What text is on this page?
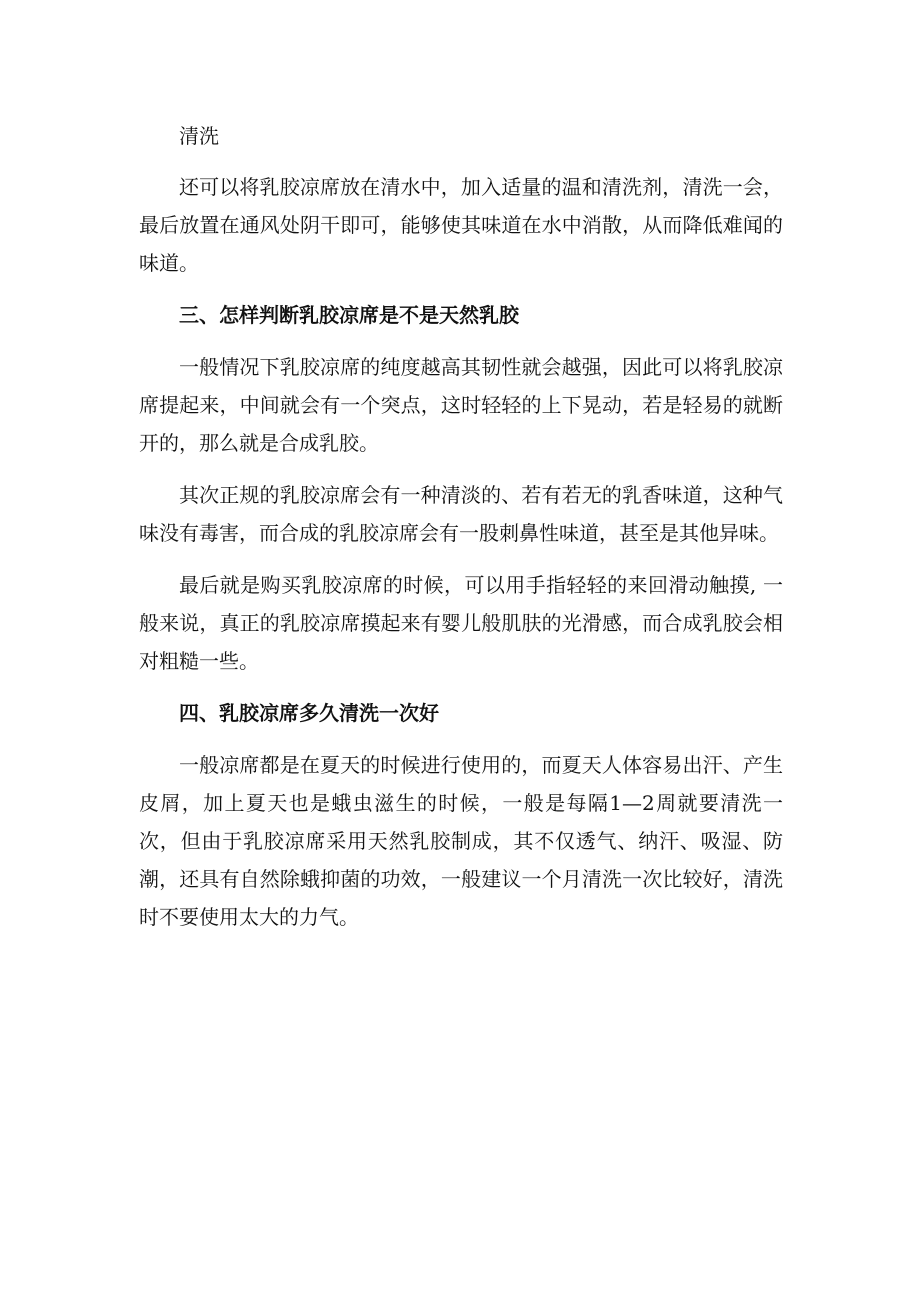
清洗

还可以将乳胶凉席放在清水中，加入适量的温和清洗剂，清洗一会，最后放置在通风处阴干即可，能够使其味道在水中消散，从而降低难闻的味道。

三、怎样判断乳胶凉席是不是天然乳胶

一般情况下乳胶凉席的纯度越高其韧性就会越强，因此可以将乳胶凉席提起来，中间就会有一个突点，这时轻轻的上下晃动，若是轻易的就断开的，那么就是合成乳胶。

其次正规的乳胶凉席会有一种清淡的、若有若无的乳香味道，这种气味没有毒害，而合成的乳胶凉席会有一股刺鼻性味道，甚至是其他异味。

最后就是购买乳胶凉席的时候，可以用手指轻轻的来回滑动触摸, 一般来说，真正的乳胶凉席摸起来有婴儿般肌肤的光滑感，而合成乳胶会相对粗糙一些。

四、乳胶凉席多久清洗一次好

一般凉席都是在夏天的时候进行使用的，而夏天人体容易出汗、产生皮屑，加上夏天也是蛾虫滋生的时候，一般是每隔1—2周就要清洗一次，但由于乳胶凉席采用天然乳胶制成，其不仅透气、纳汗、吸湿、防潮，还具有自然除蛾抑菌的功效，一般建议一个月清洗一次比较好，清洗时不要使用太大的力气。
